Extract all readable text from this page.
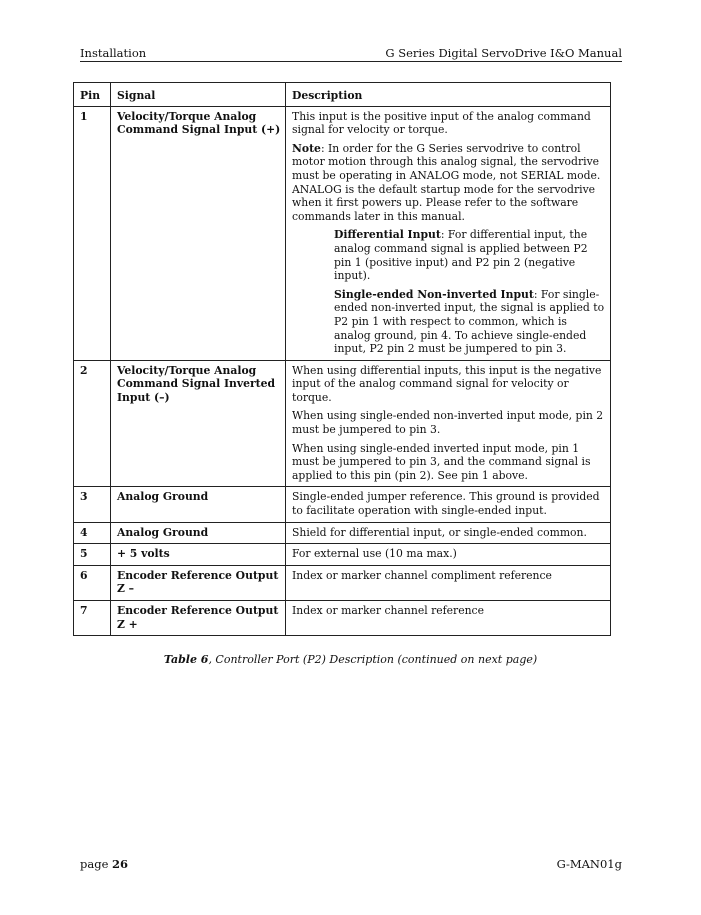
Installation	G Series Digital ServoDrive I&O Manual
Pin	Signal	Description
1	Velocity/Torque Analog Command Signal Input (+)	This input is the positive input of the analog command signal for velocity or torque.
Note: In order for the G Series servodrive to control motor motion through this analog signal, the servodrive must be operating in ANALOG mode, not SERIAL mode. ANALOG is the default startup mode for the servodrive when it first powers up. Please refer to the software commands later in this manual.
Differential Input: For differential input, the analog command signal is applied between P2 pin 1 (positive input) and P2 pin 2 (negative input).
Single-ended Non-inverted Input: For single-ended non-inverted input, the signal is applied to P2 pin 1 with respect to common, which is analog ground, pin 4. To achieve single-ended input, P2 pin 2 must be jumpered to pin 3.

2	Velocity/Torque Analog Command Signal Inverted Input (–)	When using differential inputs, this input is the negative input of the analog command signal for velocity or torque.
When using single-ended non-inverted input mode, pin 2 must be jumpered to pin 3.
When using single-ended inverted input mode, pin 1 must be jumpered to pin 3, and the command signal is applied to this pin (pin 2). See pin 1 above.

3	Analog Ground	Single-ended jumper reference. This ground is provided to facilitate operation with single-ended input.

4	Analog Ground	Shield for differential input, or single-ended common.

5	+ 5 volts	For external use (10 ma max.)

6	Encoder Reference Output Z –	Index or marker channel compliment reference

7	Encoder Reference Output Z +	Index or marker channel reference
Table 6, Controller Port (P2) Description (continued on next page)
page 26	G-MAN01g
